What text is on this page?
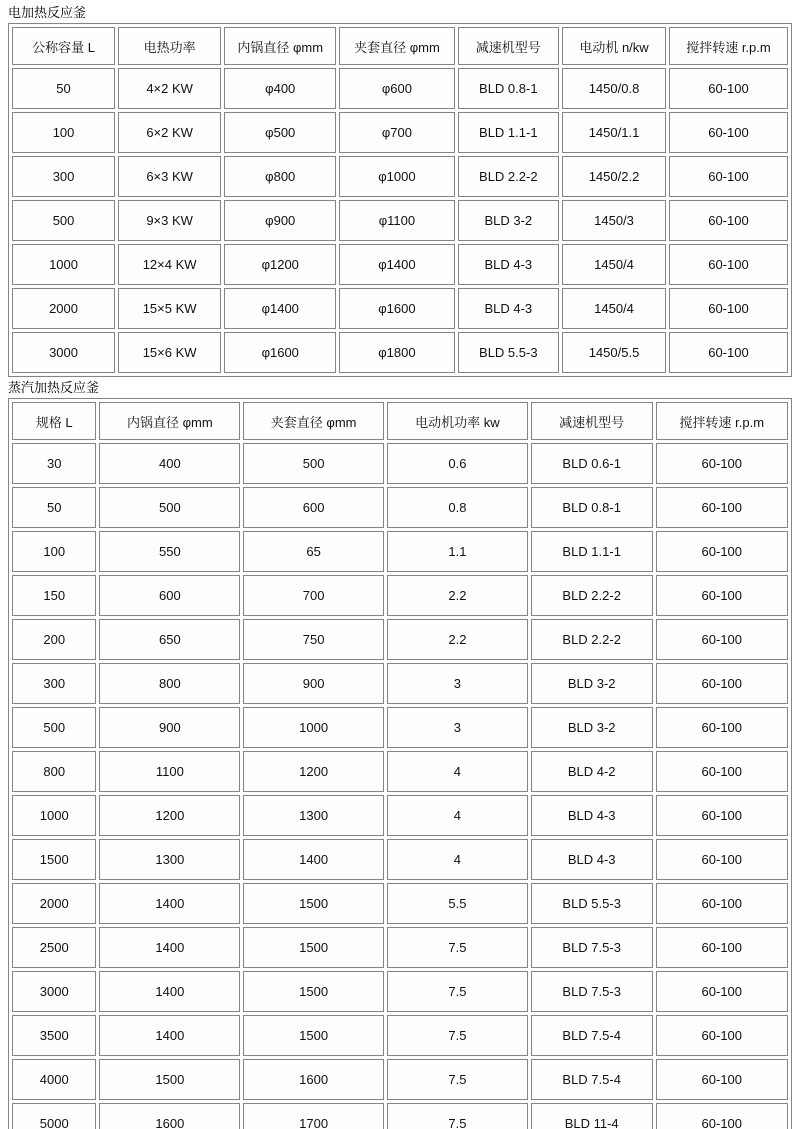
电加热反应釜
公称容量 L	电热功率	内锅直径 φmm	夹套直径 φmm	减速机型号	电动机 n/kw	搅拌转速 r.p.m
50	4×2 KW	φ400	φ600	BLD 0.8-1	1450/0.8	60-100
100	6×2 KW	φ500	φ700	BLD 1.1-1	1450/1.1	60-100
300	6×3 KW	φ800	φ1000	BLD 2.2-2	1450/2.2	60-100
500	9×3 KW	φ900	φ1100	BLD 3-2	1450/3	60-100
1000	12×4 KW	φ1200	φ1400	BLD 4-3	1450/4	60-100
2000	15×5 KW	φ1400	φ1600	BLD 4-3	1450/4	60-100
3000	15×6 KW	φ1600	φ1800	BLD 5.5-3	1450/5.5	60-100
蒸汽加热反应釜
规格 L	内锅直径 φmm	夹套直径 φmm	电动机功率 kw	减速机型号	搅拌转速 r.p.m
30	400	500	0.6	BLD 0.6-1	60-100
50	500	600	0.8	BLD 0.8-1	60-100
100	550	65	1.1	BLD 1.1-1	60-100
150	600	700	2.2	BLD 2.2-2	60-100
200	650	750	2.2	BLD 2.2-2	60-100
300	800	900	3	BLD 3-2	60-100
500	900	1000	3	BLD 3-2	60-100
800	1100	1200	4	BLD 4-2	60-100
1000	1200	1300	4	BLD 4-3	60-100
1500	1300	1400	4	BLD 4-3	60-100
2000	1400	1500	5.5	BLD 5.5-3	60-100
2500	1400	1500	7.5	BLD 7.5-3	60-100
3000	1400	1500	7.5	BLD 7.5-3	60-100
3500	1400	1500	7.5	BLD 7.5-4	60-100
4000	1500	1600	7.5	BLD 7.5-4	60-100
5000	1600	1700	7.5	BLD 11-4	60-100
